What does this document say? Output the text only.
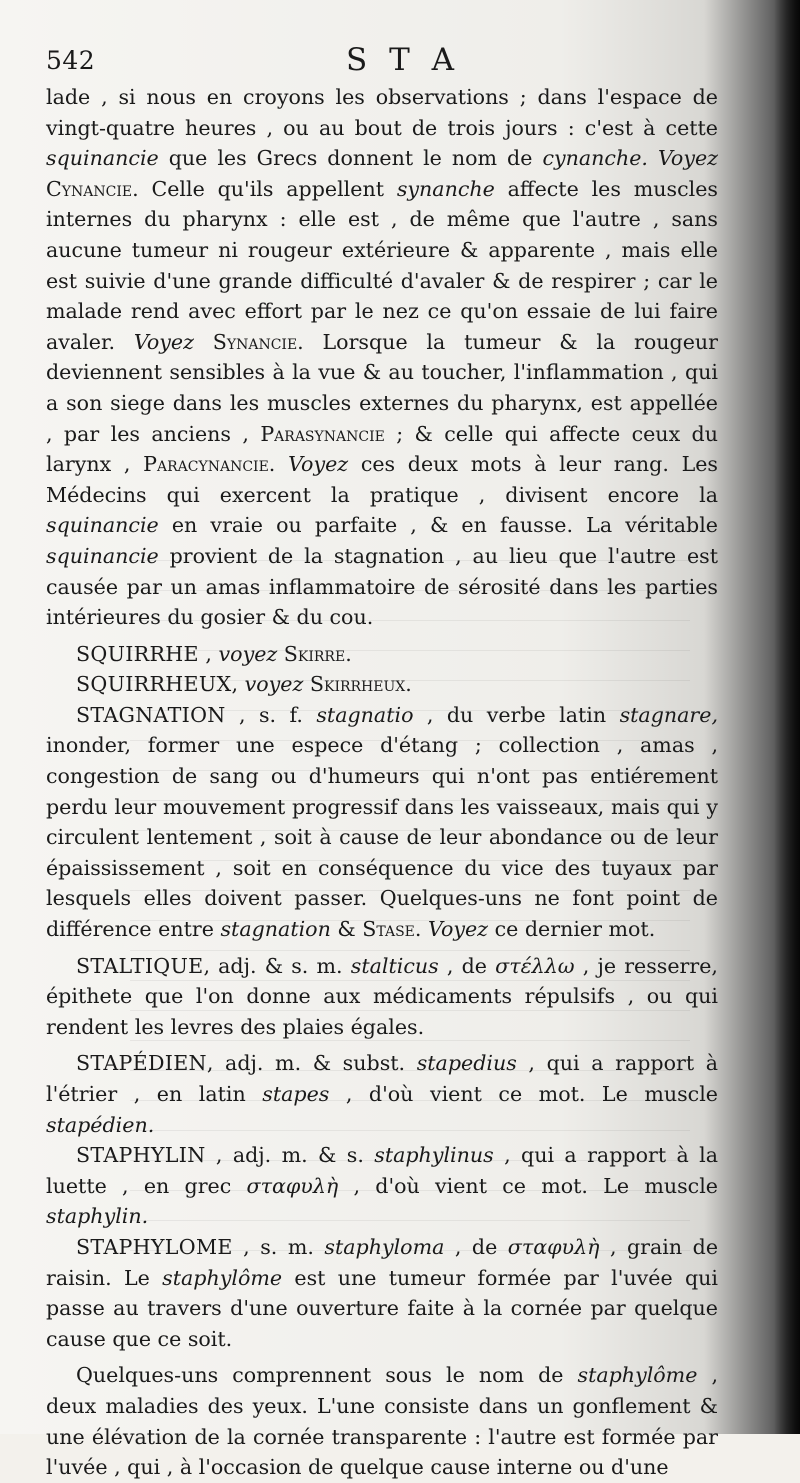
542	S T A

lade , si nous en croyons les observations ; dans l'espace de vingt-quatre heures , ou au bout de trois jours : c'est à cette squinancie que les Grecs donnent le nom de cynanche. Voyez Cynancie. Celle qu'ils appellent synanche affecte les muscles internes du pharynx : elle est , de même que l'autre , sans aucune tumeur ni rougeur extérieure & apparente , mais elle est suivie d'une grande difficulté d'avaler & de respirer ; car le malade rend avec effort par le nez ce qu'on essaie de lui faire avaler. Voyez Synancie. Lorsque la tumeur & la rougeur deviennent sensibles à la vue & au toucher, l'inflammation , qui a son siege dans les muscles externes du pharynx, est appellée , par les anciens , Parasynancie ; & celle qui affecte ceux du larynx , Paracynancie. Voyez ces deux mots à leur rang. Les Médecins qui exercent la pratique , divisent encore la squinancie en vraie ou parfaite , & en fausse. La véritable squinancie provient de la stagnation , au lieu que l'autre est causée par un amas inflammatoire de sérosité dans les parties intérieures du gosier & du cou.

SQUIRRHE , voyez Skirre.

SQUIRRHEUX, voyez Skirrheux.

STAGNATION , s. f. stagnatio , du verbe latin stagnare, inonder, former une espece d'étang ; collection , amas , congestion de sang ou d'humeurs qui n'ont pas entiérement perdu leur mouvement progressif dans les vaisseaux, mais qui y circulent lentement , soit à cause de leur abondance ou de leur épaississement , soit en conséquence du vice des tuyaux par lesquels elles doivent passer. Quelques-uns ne font point de différence entre stagnation & Stase. Voyez ce dernier mot.

STALTIQUE, adj. & s. m. stalticus , de στέλλω , je resserre, épithete que l'on donne aux médicaments répulsifs , ou qui rendent les levres des plaies égales.

STAPÉDIEN, adj. m. & subst. stapedius , qui a rapport à l'étrier , en latin stapes , d'où vient ce mot. Le muscle stapédien.

STAPHYLIN , adj. m. & s. staphylinus , qui a rapport à la luette , en grec σταφυλὴ , d'où vient ce mot. Le muscle staphylin.

STAPHYLOME , s. m. staphyloma , de σταφυλὴ , grain de raisin. Le staphylôme est une tumeur formée par l'uvée qui passe au travers d'une ouverture faite à la cornée par quelque cause que ce soit.

Quelques-uns comprennent sous le nom de staphylôme , deux maladies des yeux. L'une consiste dans un gonflement & une élévation de la cornée transparente : l'autre est formée par l'uvée , qui , à l'occasion de quelque cause interne ou d'une
